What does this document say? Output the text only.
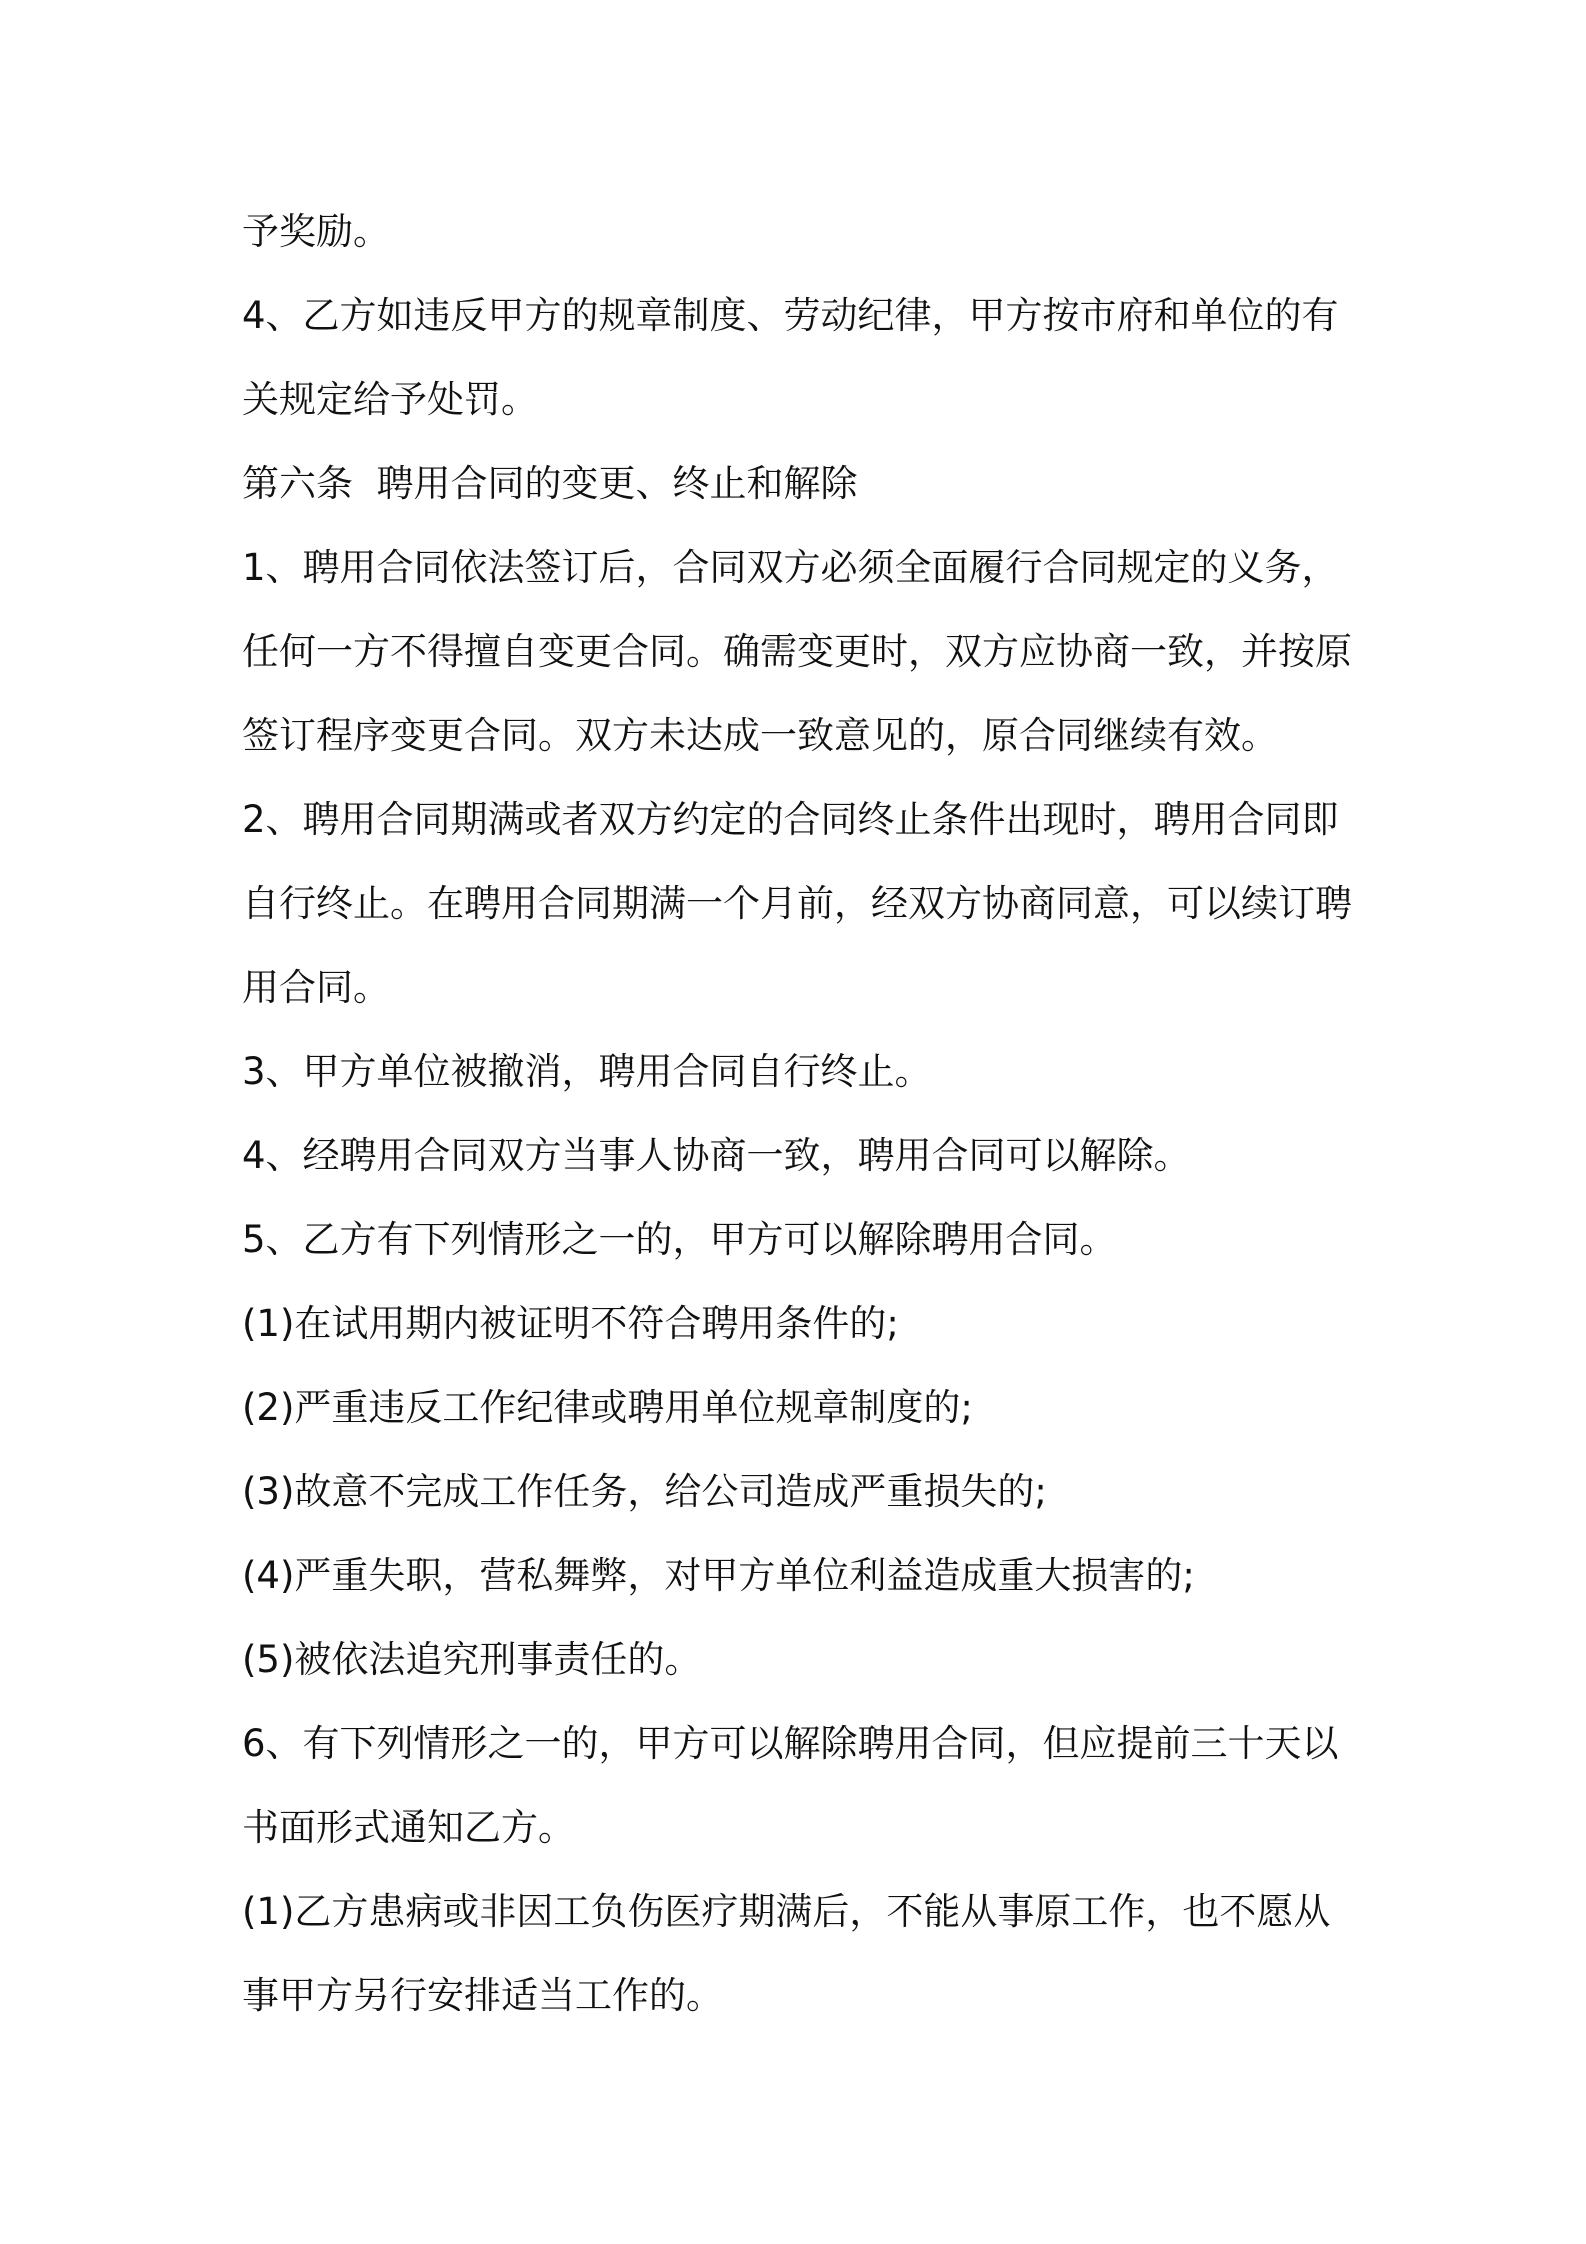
予奖励。

4、乙方如违反甲方的规章制度、劳动纪律，甲方按市府和单位的有

关规定给予处罚。

第六条  聘用合同的变更、终止和解除

1、聘用合同依法签订后，合同双方必须全面履行合同规定的义务，

任何一方不得擅自变更合同。确需变更时，双方应协商一致，并按原

签订程序变更合同。双方未达成一致意见的，原合同继续有效。

2、聘用合同期满或者双方约定的合同终止条件出现时，聘用合同即

自行终止。在聘用合同期满一个月前，经双方协商同意，可以续订聘

用合同。

3、甲方单位被撤消，聘用合同自行终止。

4、经聘用合同双方当事人协商一致，聘用合同可以解除。

5、乙方有下列情形之一的，甲方可以解除聘用合同。

(1)在试用期内被证明不符合聘用条件的;

(2)严重违反工作纪律或聘用单位规章制度的;

(3)故意不完成工作任务，给公司造成严重损失的;

(4)严重失职，营私舞弊，对甲方单位利益造成重大损害的;

(5)被依法追究刑事责任的。

6、有下列情形之一的，甲方可以解除聘用合同，但应提前三十天以

书面形式通知乙方。

(1)乙方患病或非因工负伤医疗期满后，不能从事原工作，也不愿从

事甲方另行安排适当工作的。
